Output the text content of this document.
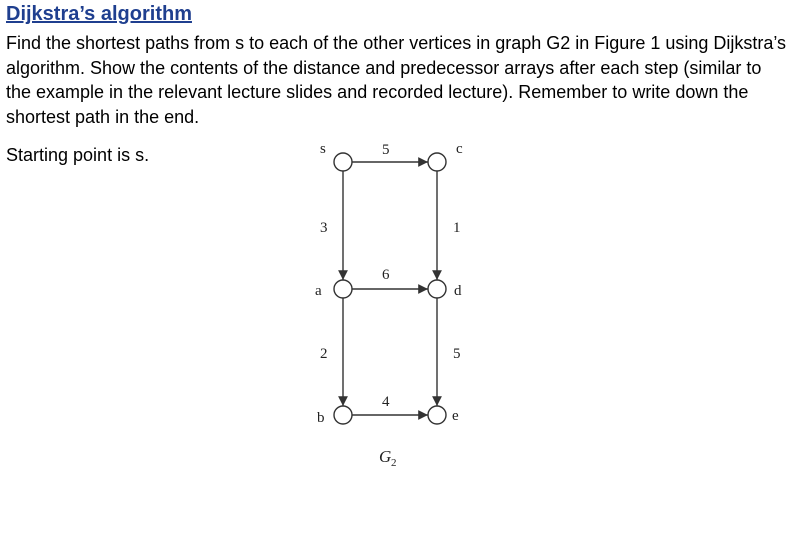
Dijkstra’s algorithm

Find the shortest paths from s to each of the other vertices in graph G2 in Figure 1 using Dijkstra’s algorithm. Show the contents of the distance and predecessor arrays after each step (similar to the example in the relevant lecture slides and recorded lecture). Remember to write down the shortest path in the end.

Starting point is s.	s	c
a	d
b	e
5
3	1
6
2	5
4
G 2
